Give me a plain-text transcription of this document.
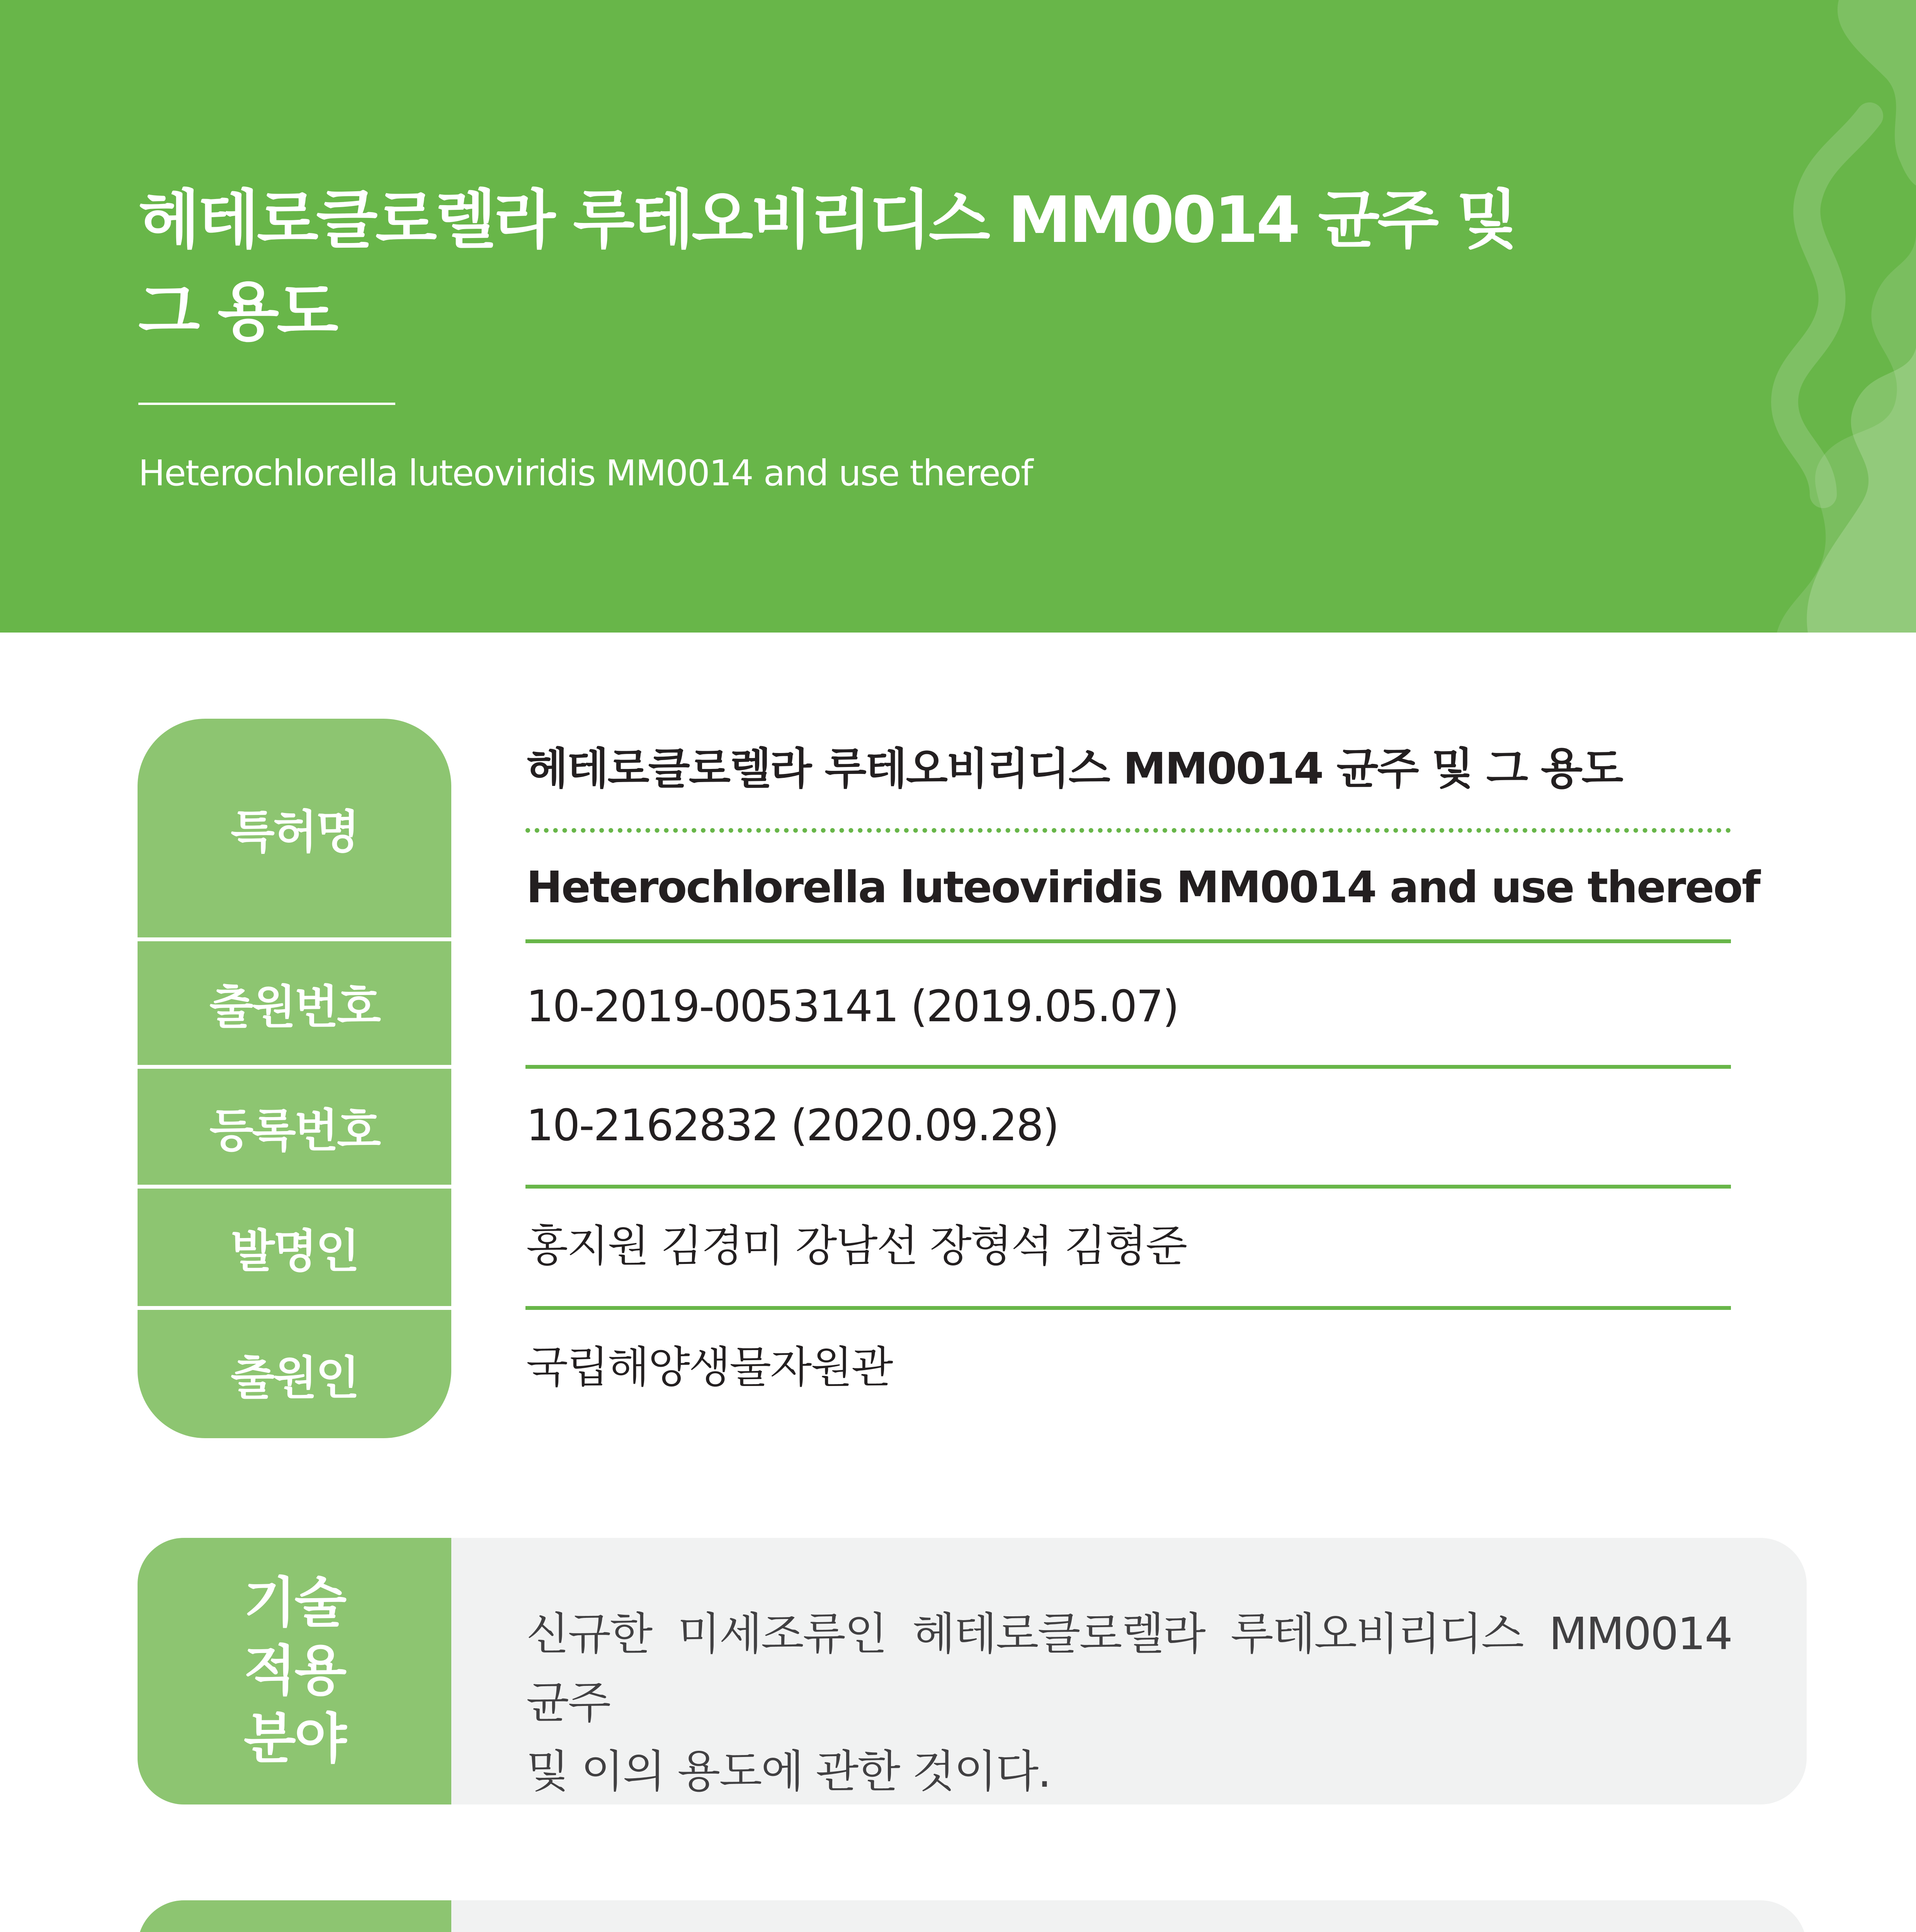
헤테로클로렐라 루테오비리디스 MM0014 균주 및
그 용도
Heterochlorella luteoviridis MM0014 and use thereof
특허명
출원번호
등록번호
발명인
출원인
헤테로클로렐라 루테오비리디스 MM0014 균주 및 그 용도
Heterochlorella luteoviridis MM0014 and use thereof
10-2019-0053141 (2019.05.07)
10-2162832 (2020.09.28)
홍지원 김경미 강남선 장형석 김형준
국립해양생물자원관
기술
적용
분야
신규한 미세조류인 헤테로클로렐라 루테오비리디스 MM0014 균주
및 이의 용도에 관한 것이다.
